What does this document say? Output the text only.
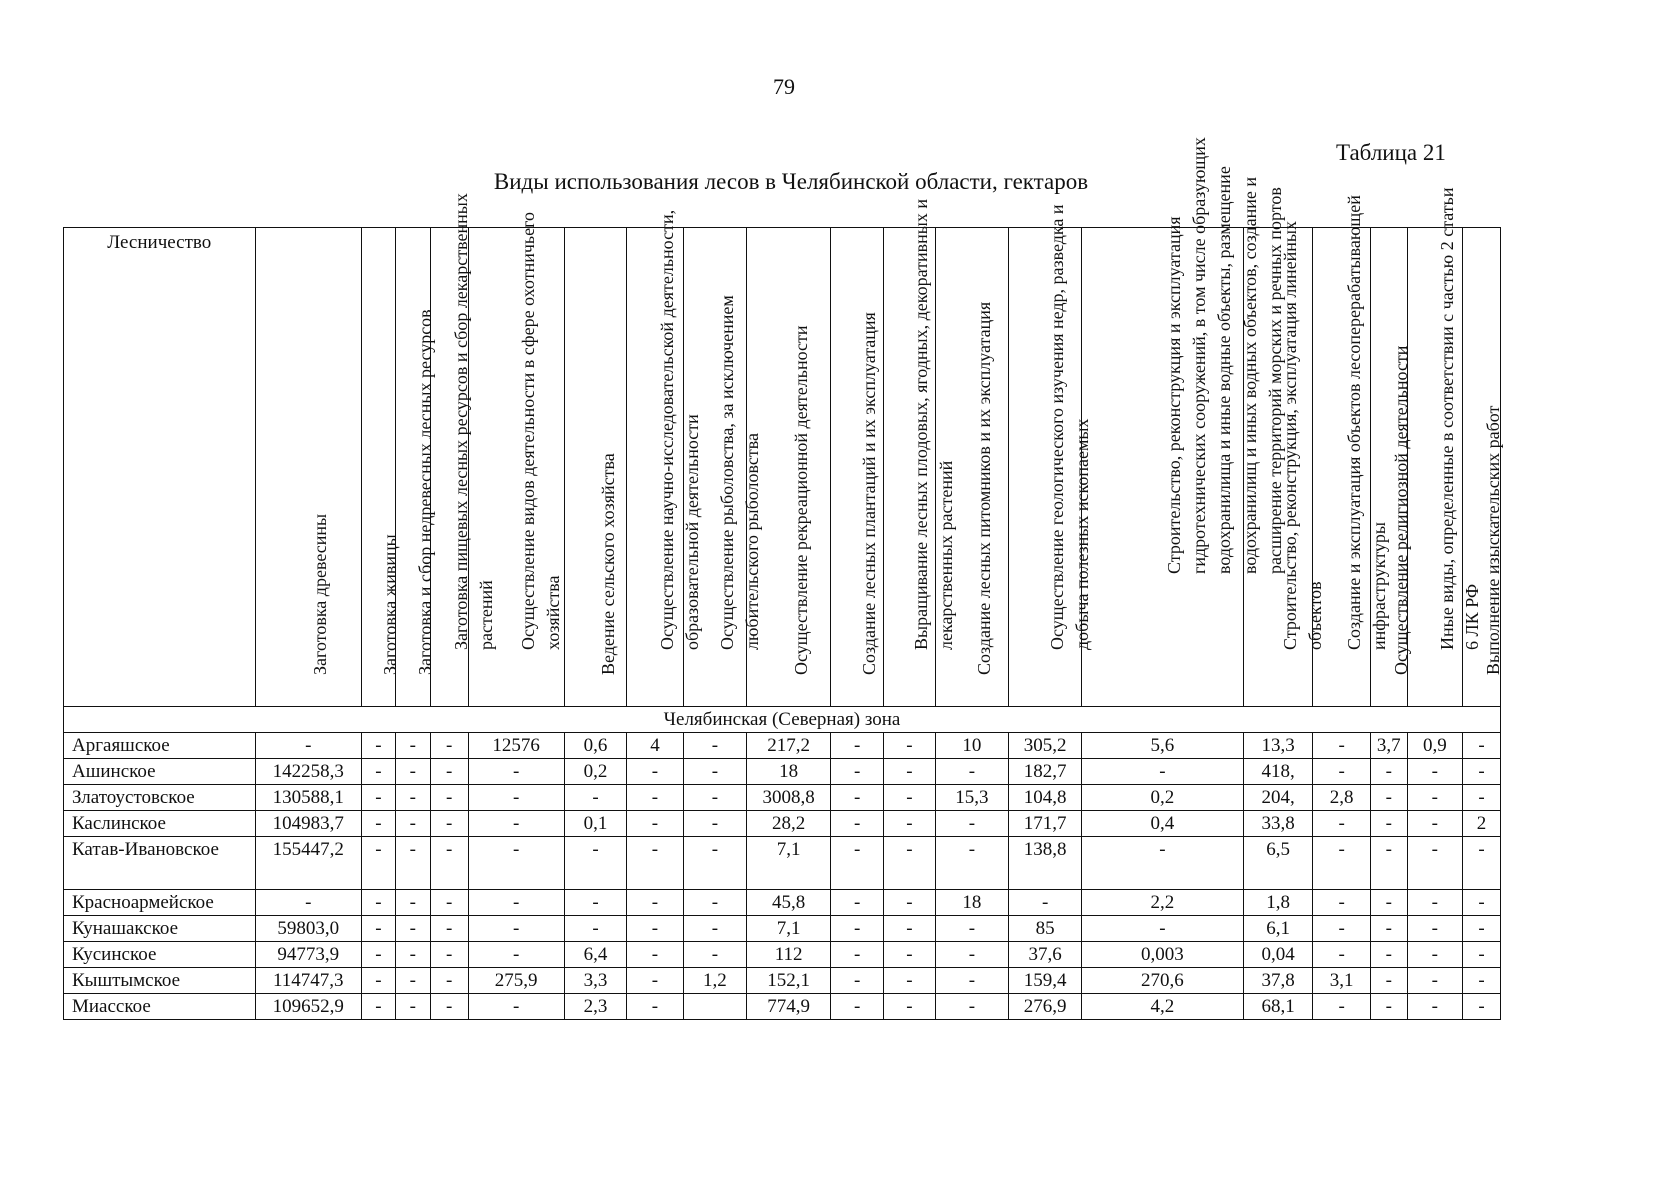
79
Таблица 21
Виды использования лесов в Челябинской области, гектаров
Лесничество	Заготовка древесины	Заготовка живицы	Заготовка и сбор недревесных лесных ресурсов	Заготовка пищевых лесных ресурсов и сбор лекарственных растений	Осуществление видов деятельности в сфере охотничьего хозяйства	Ведение сельского хозяйства	Осуществление научно-исследовательской деятельности, образовательной деятельности	Осуществление рыболовства, за исключением любительского рыболовства	Осуществление рекреационной деятельности	Создание лесных плантаций и их эксплуатация	Выращивание лесных плодовых, ягодных, декоративных и лекарственных растений	Создание лесных питомников и их эксплуатация	Осуществление геологического изучения недр, разведка и добыча полезных ископаемых	Строительство, реконструкция и эксплуатация гидротехнических сооружений, в том числе образующих водохранилища и иные водные объекты, размещение водохранилищ и иных водных объектов, создание и расширение территорий морских и речных портов	Строительство, реконструкция, эксплуатация линейных объектов	Создание и эксплуатация объектов лесоперерабатывающей инфраструктуры	Осуществление религиозной деятельности	Иные виды, определенные в соответствии с частью 2 статьи 6 ЛК РФ	Выполнение изыскательских работ

Челябинская (Северная) зона																			
Аргаяшское	-	-	-	-	12576	0,6	4	-	217,2	-	-	10	305,2	5,6	13,3	-	3,7	0,9	-
Ашинское	142258,3	-	-	-	-	0,2	-	-	18	-	-	-	182,7	-	418,	-	-	-	-
Златоустовское	130588,1	-	-	-	-	-	-	-	3008,8	-	-	15,3	104,8	0,2	204,	2,8	-	-	-
Каслинское	104983,7	-	-	-	-	0,1	-	-	28,2	-	-	-	171,7	0,4	33,8	-	-	-	2
Катав-Ивановское	155447,2	-	-	-	-	-	-	-	7,1	-	-	-	138,8	-	6,5	-	-	-	-
Красноармейское	-	-	-	-	-	-	-	-	45,8	-	-	18	-	2,2	1,8	-	-	-	-
Кунашакское	59803,0	-	-	-	-	-	-	-	7,1	-	-	-	85	-	6,1	-	-	-	-
Кусинское	94773,9	-	-	-	-	6,4	-	-	112	-	-	-	37,6	0,003	0,04	-	-	-	-
Кыштымское	114747,3	-	-	-	275,9	3,3	-	1,2	152,1	-	-	-	159,4	270,6	37,8	3,1	-	-	-
Миасское	109652,9	-	-	-	-	2,3	-		774,9	-	-	-	276,9	4,2	68,1	-	-	-	-
